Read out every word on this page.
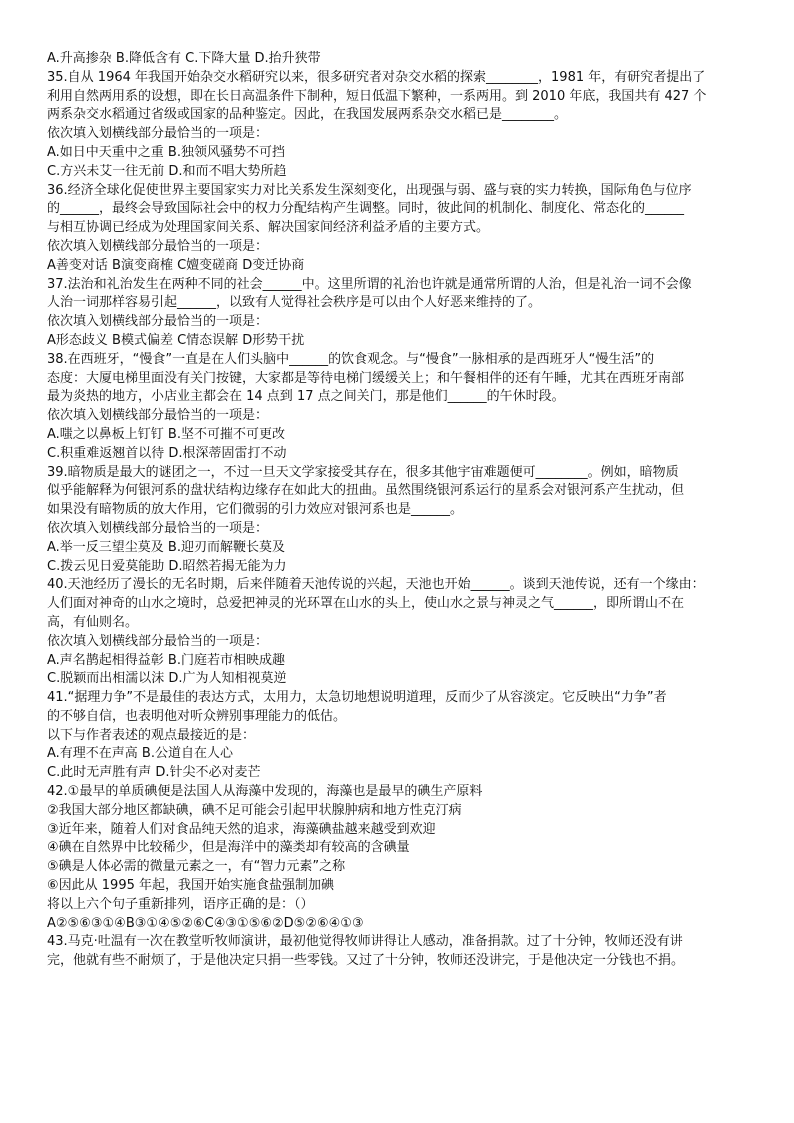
A.升高掺杂 B.降低含有 C.下降大量 D.抬升狭带
35.自从 1964 年我国开始杂交水稻研究以来，很多研究者对杂交水稻的探索________，1981 年，有研究者提出了
利用自然两用系的设想，即在长日高温条件下制种，短日低温下繁种，一系两用。到 2010 年底，我国共有 427 个
两系杂交水稻通过省级或国家的品种鉴定。因此，在我国发展两系杂交水稻已是________。
依次填入划横线部分最恰当的一项是：
A.如日中天重中之重 B.独领风骚势不可挡
C.方兴未艾一往无前 D.和而不唱大势所趋
36.经济全球化促使世界主要国家实力对比关系发生深刻变化，出现强与弱、盛与衰的实力转换，国际角色与位序
的______，最终会导致国际社会中的权力分配结构产生调整。同时，彼此间的机制化、制度化、常态化的______
与相互协调已经成为处理国家间关系、解决国家间经济利益矛盾的主要方式。
依次填入划横线部分最恰当的一项是：
A善变对话 B演变商榷 C嬗变磋商 D变迁协商
37.法治和礼治发生在两种不同的社会______中。这里所谓的礼治也许就是通常所谓的人治，但是礼治一词不会像
人治一词那样容易引起______，以致有人觉得社会秩序是可以由个人好恶来维持的了。
依次填入划横线部分最恰当的一项是：
A形态歧义 B模式偏差 C情态误解 D形势干扰
38.在西班牙，“慢食”一直是在人们头脑中______的饮食观念。与“慢食”一脉相承的是西班牙人“慢生活”的
态度：大厦电梯里面没有关门按键，大家都是等待电梯门缓缓关上；和午餐相伴的还有午睡，尤其在西班牙南部
最为炎热的地方，小店业主都会在 14 点到 17 点之间关门，那是他们______的午休时段。
依次填入划横线部分最恰当的一项是：
A.嗤之以鼻板上钉钉 B.坚不可摧不可更改
C.积重难返翘首以待 D.根深蒂固雷打不动
39.暗物质是最大的谜团之一，不过一旦天文学家接受其存在，很多其他宇宙难题便可________。例如，暗物质
似乎能解释为何银河系的盘状结构边缘存在如此大的扭曲。虽然围绕银河系运行的星系会对银河系产生扰动，但
如果没有暗物质的放大作用，它们微弱的引力效应对银河系也是______。
依次填入划横线部分最恰当的一项是：
A.举一反三望尘莫及 B.迎刃而解鞭长莫及
C.拨云见日爱莫能助 D.昭然若揭无能为力
40.天池经历了漫长的无名时期，后来伴随着天池传说的兴起，天池也开始______。谈到天池传说，还有一个缘由：
人们面对神奇的山水之境时，总爱把神灵的光环罩在山水的头上，使山水之景与神灵之气______，即所谓山不在
高，有仙则名。
依次填入划横线部分最恰当的一项是：
A.声名鹊起相得益彰 B.门庭若市相映成趣
C.脱颖而出相濡以沫 D.广为人知相视莫逆
41.“据理力争”不是最佳的表达方式，太用力，太急切地想说明道理，反而少了从容淡定。它反映出“力争”者
的不够自信，也表明他对听众辨别事理能力的低估。
以下与作者表述的观点最接近的是：
A.有理不在声高 B.公道自在人心
C.此时无声胜有声 D.针尖不必对麦芒
42.①最早的单质碘便是法国人从海藻中发现的，海藻也是最早的碘生产原料
②我国大部分地区都缺碘，碘不足可能会引起甲状腺肿病和地方性克汀病
③近年来，随着人们对食品纯天然的追求，海藻碘盐越来越受到欢迎
④碘在自然界中比较稀少，但是海洋中的藻类却有较高的含碘量
⑤碘是人体必需的微量元素之一，有“智力元素”之称
⑥因此从 1995 年起，我国开始实施食盐强制加碘
将以上六个句子重新排列，语序正确的是：（）
A②⑤⑥③①④B③①④⑤②⑥C④③①⑤⑥②D⑤②⑥④①③
43.马克·吐温有一次在教堂听牧师演讲，最初他觉得牧师讲得让人感动，准备捐款。过了十分钟，牧师还没有讲
完，他就有些不耐烦了，于是他决定只捐一些零钱。又过了十分钟，牧师还没讲完，于是他决定一分钱也不捐。
